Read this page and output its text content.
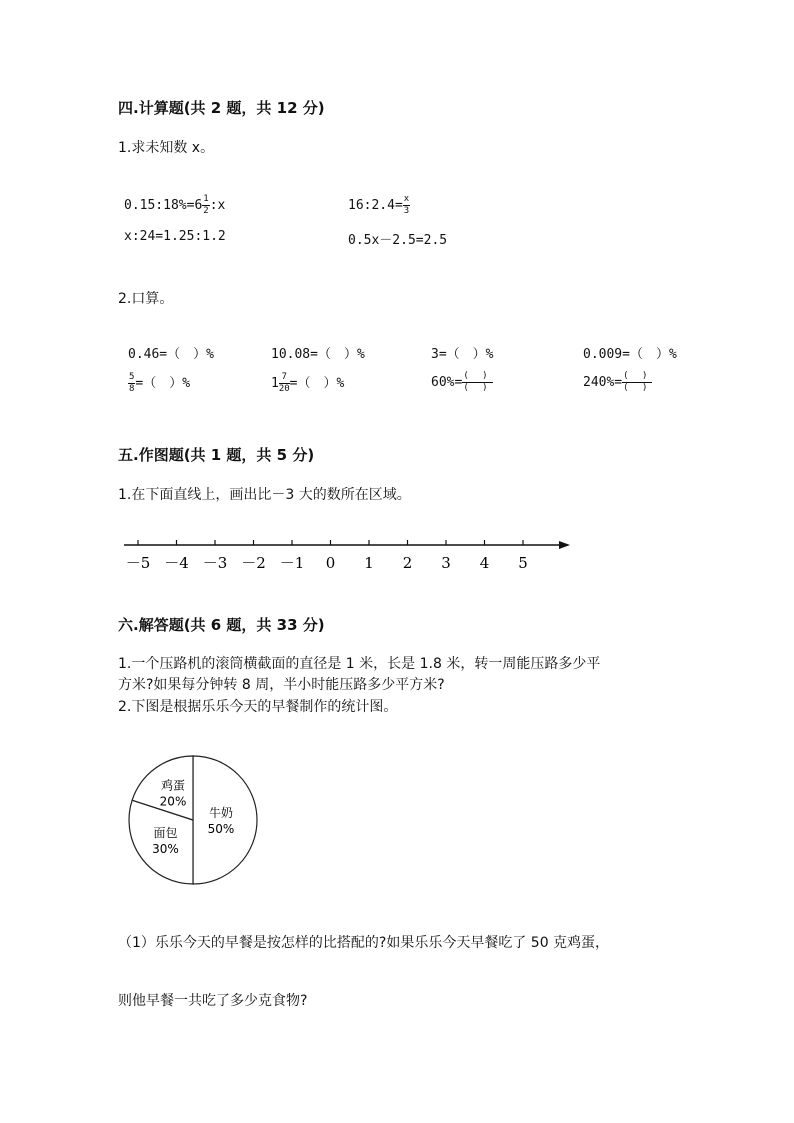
四.计算题(共 2 题，共 12 分)
1.求未知数 x。
0.15:18%=6 $\frac{1}{2}$ :x	16:2.4= $\frac{x}{3}$
x:24=1.25:1.2	0.5x－2.5=2.5
2.口算。
0.46=（　）%	10.08=（　）%	3=（　）%	0.009=（　）%
$\frac{5}{8}$ =（　）%	$1 \frac{7}{20}$ =（　）%	$60\%= \frac{( )}{( )}$	$240\%= \frac{( )}{( )}$
五.作图题(共 1 题，共 5 分)
1.在下面直线上，画出比－3 大的数所在区域。
－5 －4 －3 －2 －1 0 1 2 3 4 5
六.解答题(共 6 题，共 33 分)
1.一个压路机的滚筒横截面的直径是 1 米，长是 1.8 米，转一周能压路多少平
方米?如果每分钟转 8 周，半小时能压路多少平方米?
2.下图是根据乐乐今天的早餐制作的统计图。
牛奶
50%
面包
30%
鸡蛋
20%
（1）乐乐今天的早餐是按怎样的比搭配的?如果乐乐今天早餐吃了 50 克鸡蛋，
则他早餐一共吃了多少克食物?
